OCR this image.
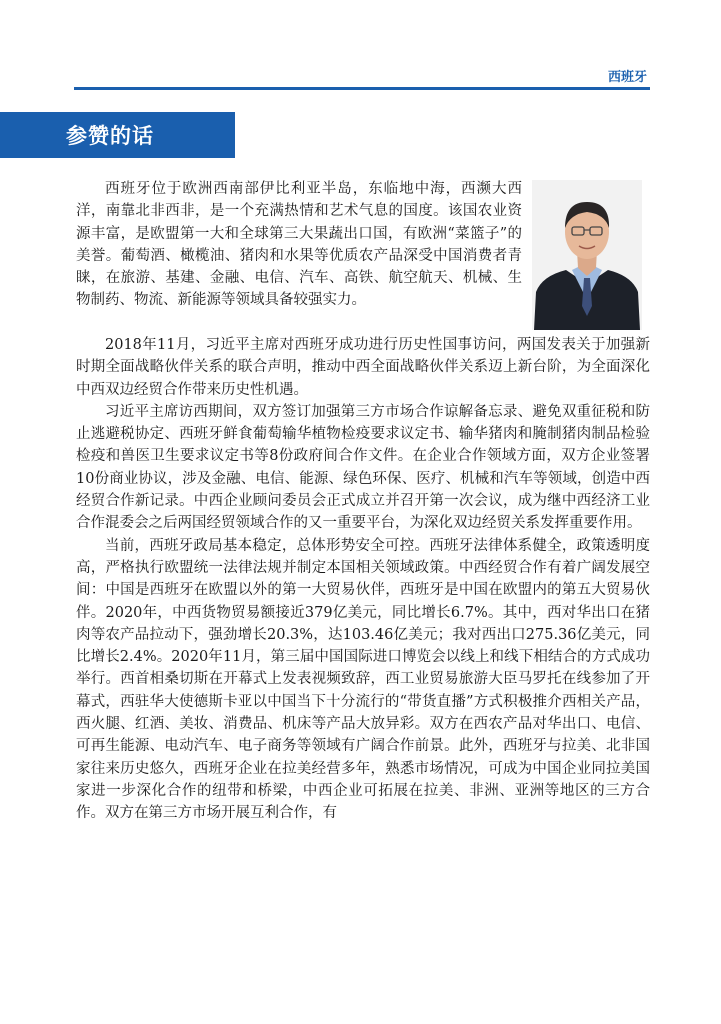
西班牙
参赞的话

西班牙位于欧洲西南部伊比利亚半岛，东临地中海，西濒大西洋，南靠北非西非，是一个充满热情和艺术气息的国度。该国农业资源丰富，是欧盟第一大和全球第三大果蔬出口国，有欧洲“菜篮子”的美誉。葡萄酒、橄榄油、猪肉和水果等优质农产品深受中国消费者青睐，在旅游、基建、金融、电信、汽车、高铁、航空航天、机械、生物制药、物流、新能源等领域具备较强实力。

2018年11月，习近平主席对西班牙成功进行历史性国事访问，两国发表关于加强新时期全面战略伙伴关系的联合声明，推动中西全面战略伙伴关系迈上新台阶，为全面深化中西双边经贸合作带来历史性机遇。

习近平主席访西期间，双方签订加强第三方市场合作谅解备忘录、避免双重征税和防止逃避税协定、西班牙鲜食葡萄输华植物检疫要求议定书、输华猪肉和腌制猪肉制品检验检疫和兽医卫生要求议定书等8份政府间合作文件。在企业合作领域方面，双方企业签署10份商业协议，涉及金融、电信、能源、绿色环保、医疗、机械和汽车等领域，创造中西经贸合作新记录。中西企业顾问委员会正式成立并召开第一次会议，成为继中西经济工业合作混委会之后两国经贸领域合作的又一重要平台，为深化双边经贸关系发挥重要作用。

当前，西班牙政局基本稳定，总体形势安全可控。西班牙法律体系健全，政策透明度高，严格执行欧盟统一法律法规并制定本国相关领域政策。中西经贸合作有着广阔发展空间：中国是西班牙在欧盟以外的第一大贸易伙伴，西班牙是中国在欧盟内的第五大贸易伙伴。2020年，中西货物贸易额接近379亿美元，同比增长6.7%。其中，西对华出口在猪肉等农产品拉动下，强劲增长20.3%，达103.46亿美元；我对西出口275.36亿美元，同比增长2.4%。2020年11月，第三届中国国际进口博览会以线上和线下相结合的方式成功举行。西首相桑切斯在开幕式上发表视频致辞，西工业贸易旅游大臣马罗托在线参加了开幕式，西驻华大使德斯卡亚以中国当下十分流行的“带货直播”方式积极推介西相关产品，西火腿、红酒、美妆、消费品、机床等产品大放异彩。双方在西农产品对华出口、电信、可再生能源、电动汽车、电子商务等领域有广阔合作前景。此外，西班牙与拉美、北非国家往来历史悠久，西班牙企业在拉美经营多年，熟悉市场情况，可成为中国企业同拉美国家进一步深化合作的纽带和桥梁，中西企业可拓展在拉美、非洲、亚洲等地区的三方合作。双方在第三方市场开展互利合作，有
